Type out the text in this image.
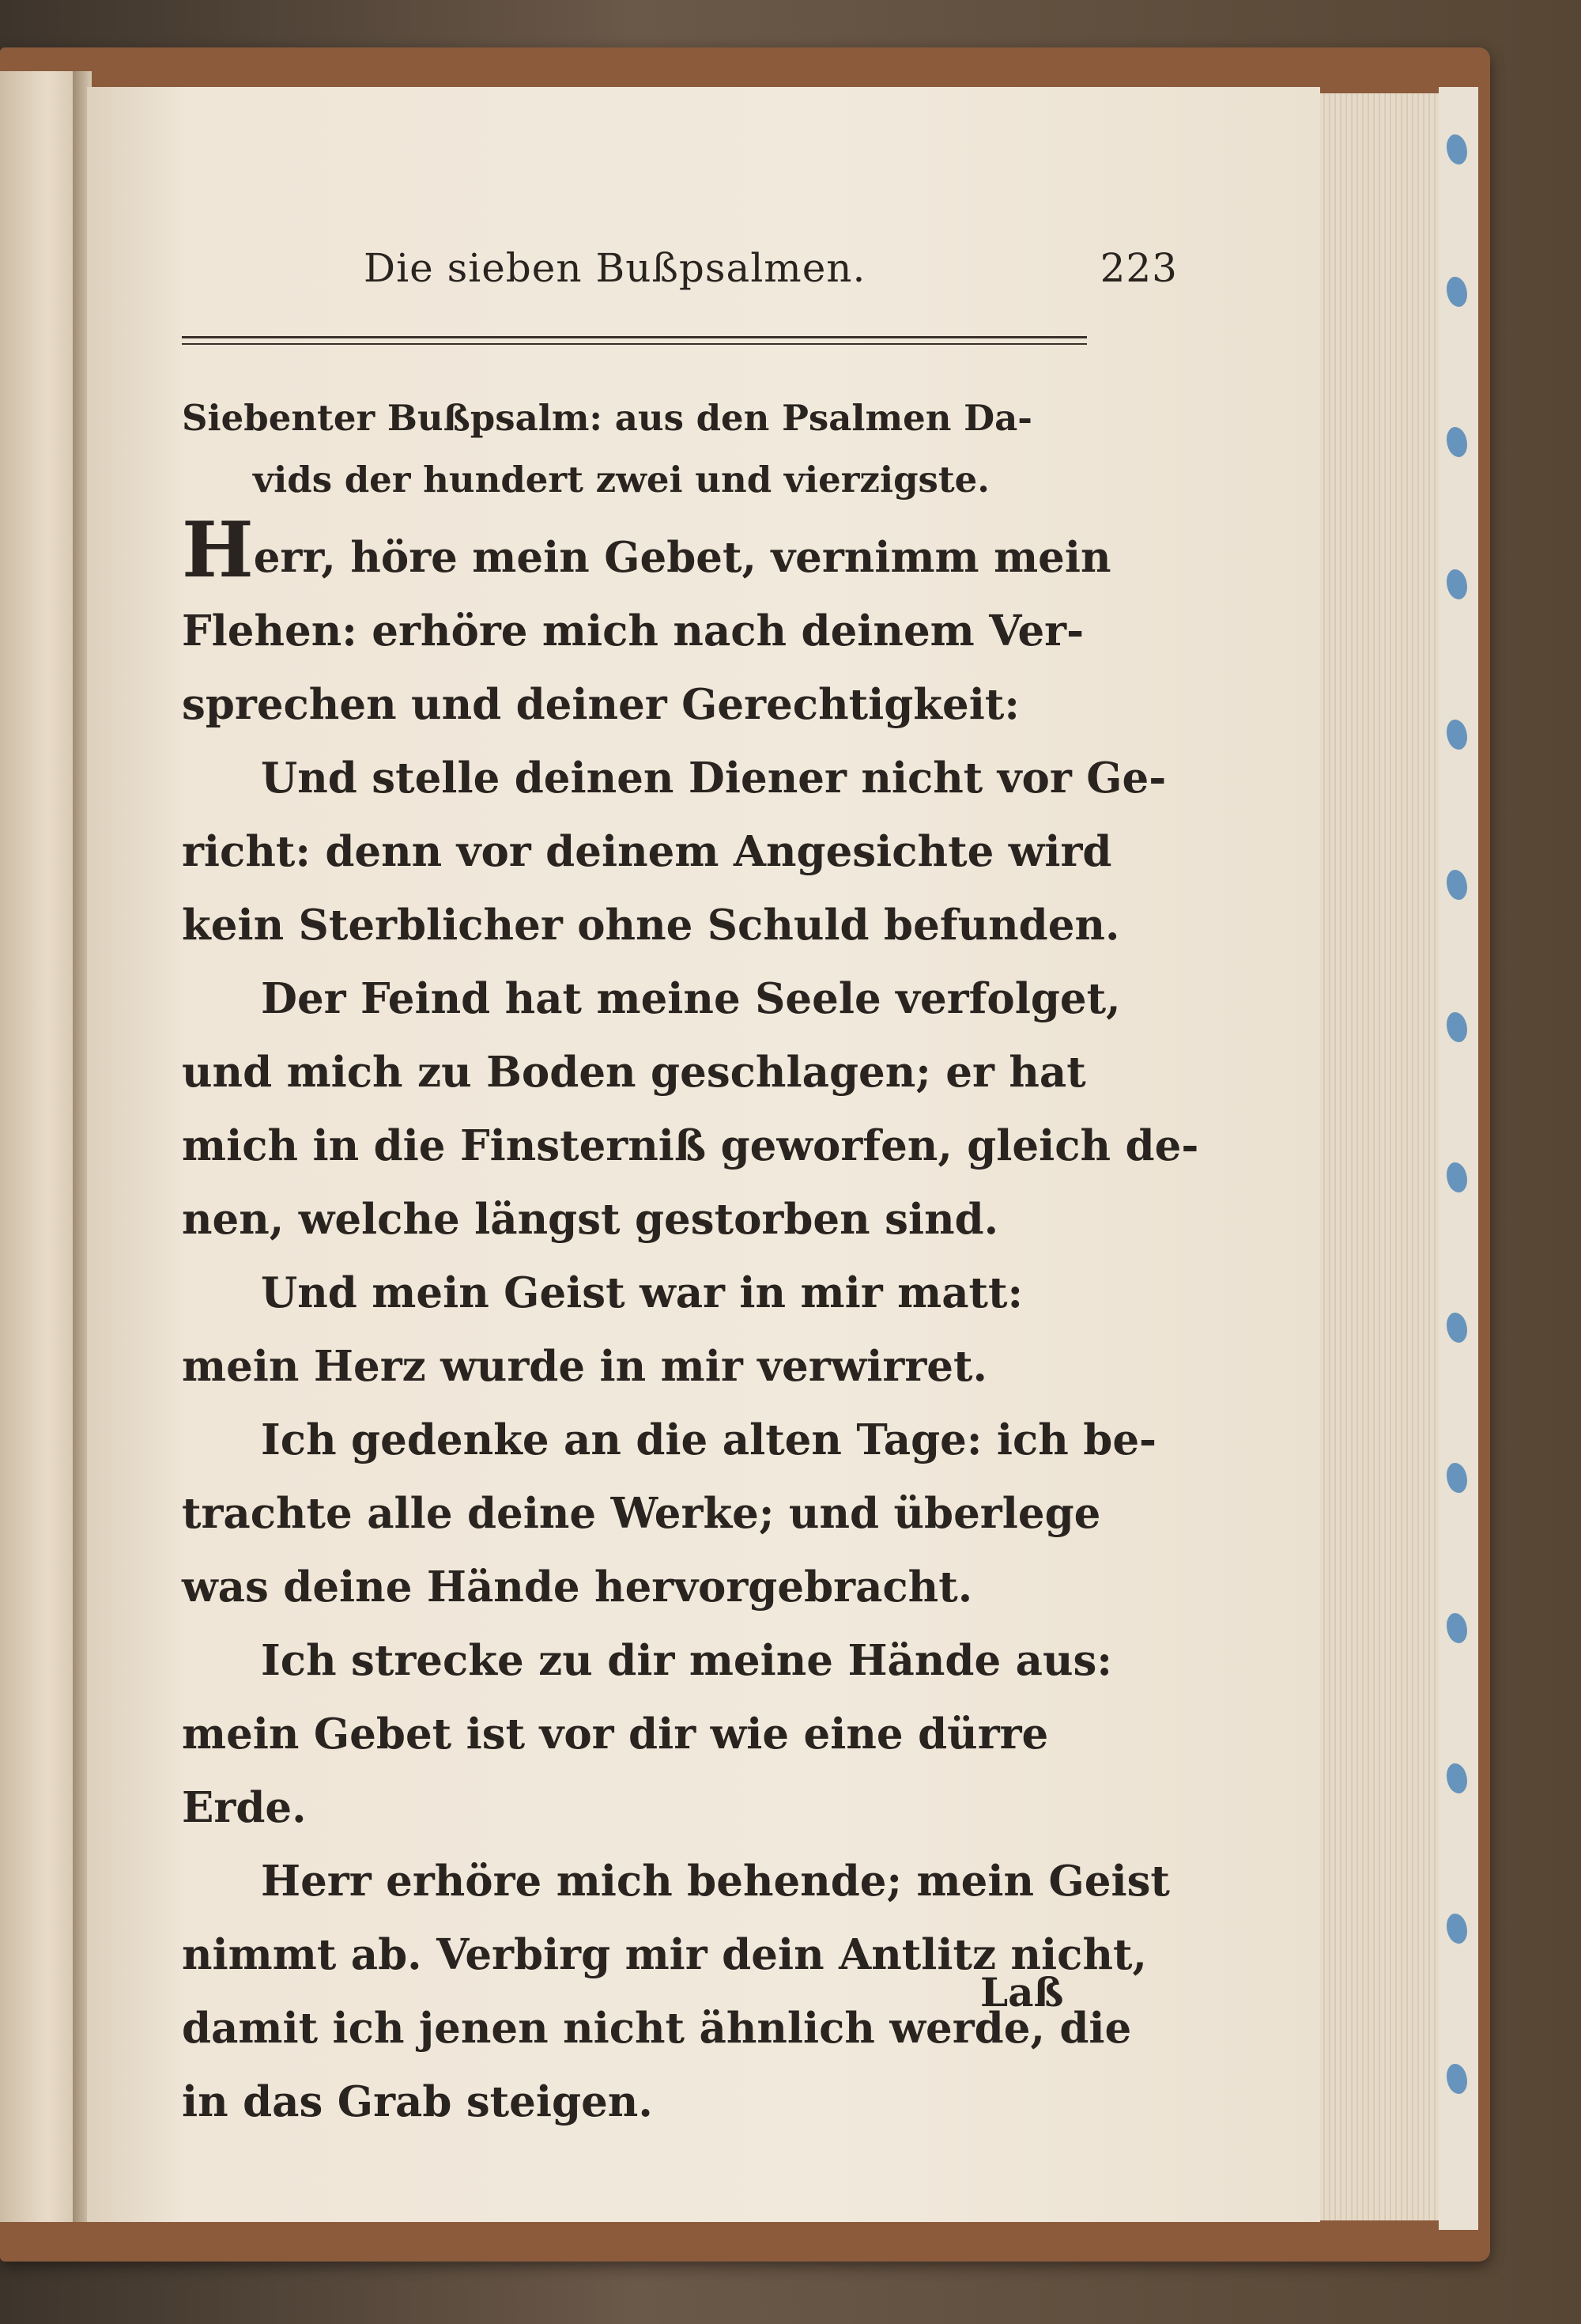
Die sieben Bußpsalmen.	223
Siebenter Bußpsalm: aus den Psalmen Da-
vids der hundert zwei und vierzigste.

Herr, höre mein Gebet, vernimm mein
Flehen: erhöre mich nach deinem Ver-
sprechen und deiner Gerechtigkeit:

Und stelle deinen Diener nicht vor Ge-
richt: denn vor deinem Angesichte wird
kein Sterblicher ohne Schuld befunden.

Der Feind hat meine Seele verfolget,
und mich zu Boden geschlagen; er hat
mich in die Finsterniß geworfen, gleich de-
nen, welche längst gestorben sind.

Und mein Geist war in mir matt:
mein Herz wurde in mir verwirret.

Ich gedenke an die alten Tage: ich be-
trachte alle deine Werke; und überlege
was deine Hände hervorgebracht.

Ich strecke zu dir meine Hände aus:
mein Gebet ist vor dir wie eine dürre
Erde.

Herr erhöre mich behende; mein Geist
nimmt ab. Verbirg mir dein Antlitz nicht,
damit ich jenen nicht ähnlich werde, die
in das Grab steigen.

Laß
